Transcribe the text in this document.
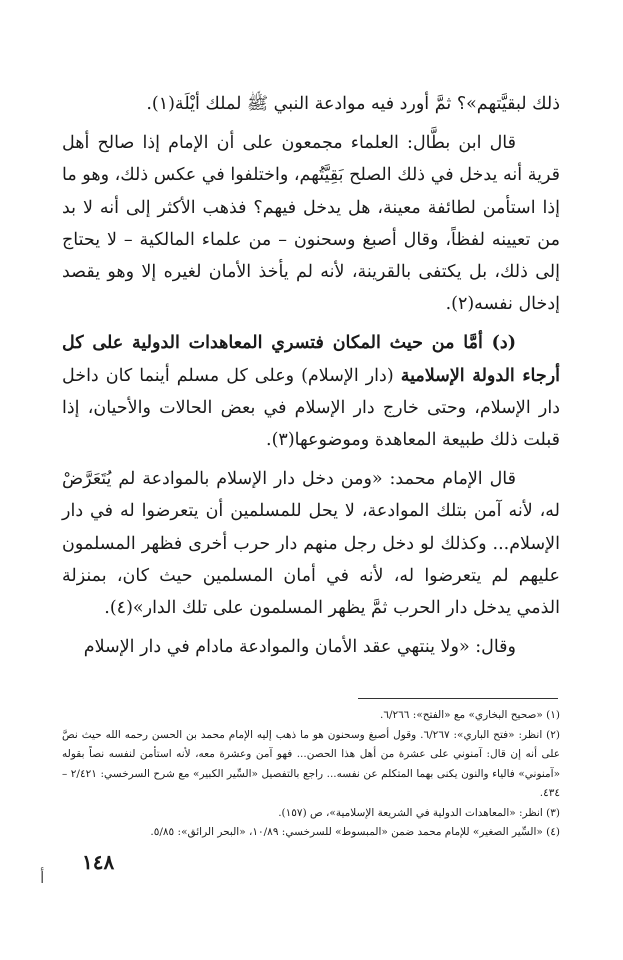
ذلك لبقيَّتهم»؟ ثمَّ أورد فيه موادعة النبي ﷺ لملك أيْلَة(١).

قال ابن بطَّال: العلماء مجمعون على أن الإمام إذا صالح أهل قرية أنه يدخل في ذلك الصلح بَقِيَّتُهم، واختلفوا في عكس ذلك، وهو ما إذا استأمن لطائفة معينة، هل يدخل فيهم؟ فذهب الأكثر إلى أنه لا بد من تعيينه لفظاً، وقال أصبغ وسحنون – من علماء المالكية – لا يحتاج إلى ذلك، بل يكتفى بالقرينة، لأنه لم يأخذ الأمان لغيره إلا وهو يقصد إدخال نفسه(٢).

(د) أمَّا من حيث المكان فتسري المعاهدات الدولية على كل أرجاء الدولة الإسلامية (دار الإسلام) وعلى كل مسلم أينما كان داخل دار الإسلام، وحتى خارج دار الإسلام في بعض الحالات والأحيان، إذا قبلت ذلك طبيعة المعاهدة وموضوعها(٣).

قال الإمام محمد: «ومن دخل دار الإسلام بالموادعة لم يُتَعَرَّضْ له، لأنه آمن بتلك الموادعة، لا يحل للمسلمين أن يتعرضوا له في دار الإسلام... وكذلك لو دخل رجل منهم دار حرب أخرى فظهر المسلمون عليهم لم يتعرضوا له، لأنه في أمان المسلمين حيث كان، بمنزلة الذمي يدخل دار الحرب ثمَّ يظهر المسلمون على تلك الدار»(٤).

وقال: «ولا ينتهي عقد الأمان والموادعة مادام في دار الإسلام

(١) «صحيح البخاري» مع «الفتح»: ٦/٢٦٦.

(٢) انظر: «فتح الباري»: ٦/٢٦٧. وقول أصبغ وسحنون هو ما ذهب إليه الإمام محمد بن الحسن رحمه الله حيث نصَّ على أنه إن قال: آمنوني على عشرة من أهل هذا الحصن... فهو آمن وعشرة معه، لأنه استأمن لنفسه نصاً بقوله «آمنوني» فالياء والنون يكنى بهما المتكلم عن نفسه... راجع بالتفصيل «السِّير الكبير» مع شرح السرخسي: ٢/٤٢١ – ٤٣٤.

(٣) انظر: «المعاهدات الدولية في الشريعة الإسلامية»، ص (١٥٧).

(٤) «السِّير الصغير» للإمام محمد ضمن «المبسوط» للسرخسي: ١٠/٨٩، «البحر الرائق»: ٥/٨٥.

١٤٨
أ
